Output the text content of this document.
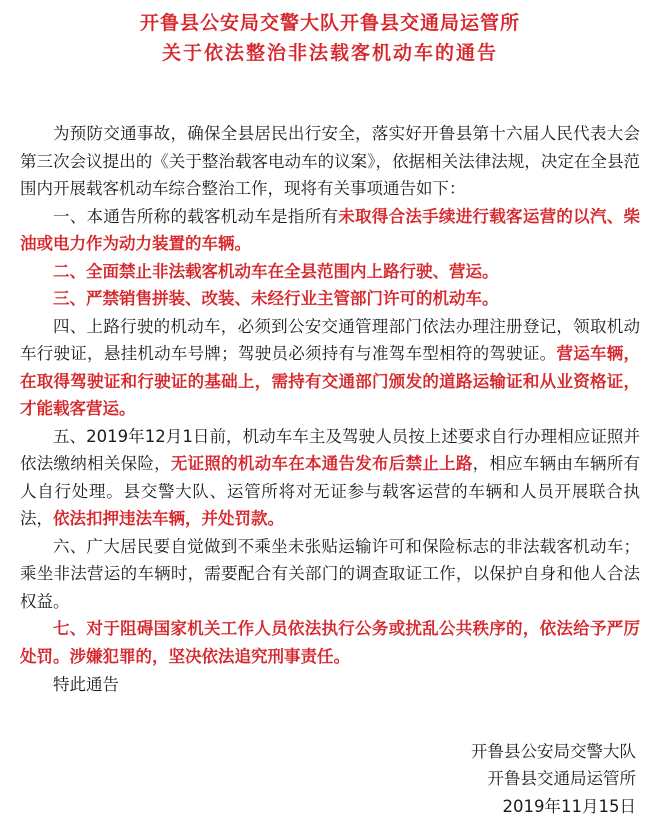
开鲁县公安局交警大队开鲁县交通局运管所
关于依法整治非法载客机动车的通告

为预防交通事故，确保全县居民出行安全，落实好开鲁县第十六届人民代表大会第三次会议提出的《关于整治载客电动车的议案》，依据相关法律法规，决定在全县范围内开展载客机动车综合整治工作，现将有关事项通告如下：

一、本通告所称的载客机动车是指所有未取得合法手续进行载客运营的以汽、柴油或电力作为动力装置的车辆。

二、全面禁止非法载客机动车在全县范围内上路行驶、营运。

三、严禁销售拼装、改装、未经行业主管部门许可的机动车。

四、上路行驶的机动车，必须到公安交通管理部门依法办理注册登记，领取机动车行驶证，悬挂机动车号牌；驾驶员必须持有与准驾车型相符的驾驶证。营运车辆，在取得驾驶证和行驶证的基础上，需持有交通部门颁发的道路运输证和从业资格证，才能载客营运。

五、2019年12月1日前，机动车车主及驾驶人员按上述要求自行办理相应证照并依法缴纳相关保险，无证照的机动车在本通告发布后禁止上路，相应车辆由车辆所有人自行处理。县交警大队、运管所将对无证参与载客运营的车辆和人员开展联合执法，依法扣押违法车辆，并处罚款。

六、广大居民要自觉做到不乘坐未张贴运输许可和保险标志的非法载客机动车；乘坐非法营运的车辆时，需要配合有关部门的调查取证工作，以保护自身和他人合法权益。

七、对于阻碍国家机关工作人员依法执行公务或扰乱公共秩序的，依法给予严厉处罚。涉嫌犯罪的，坚决依法追究刑事责任。

特此通告

开鲁县公安局交警大队
开鲁县交通局运管所
2019年11月15日
